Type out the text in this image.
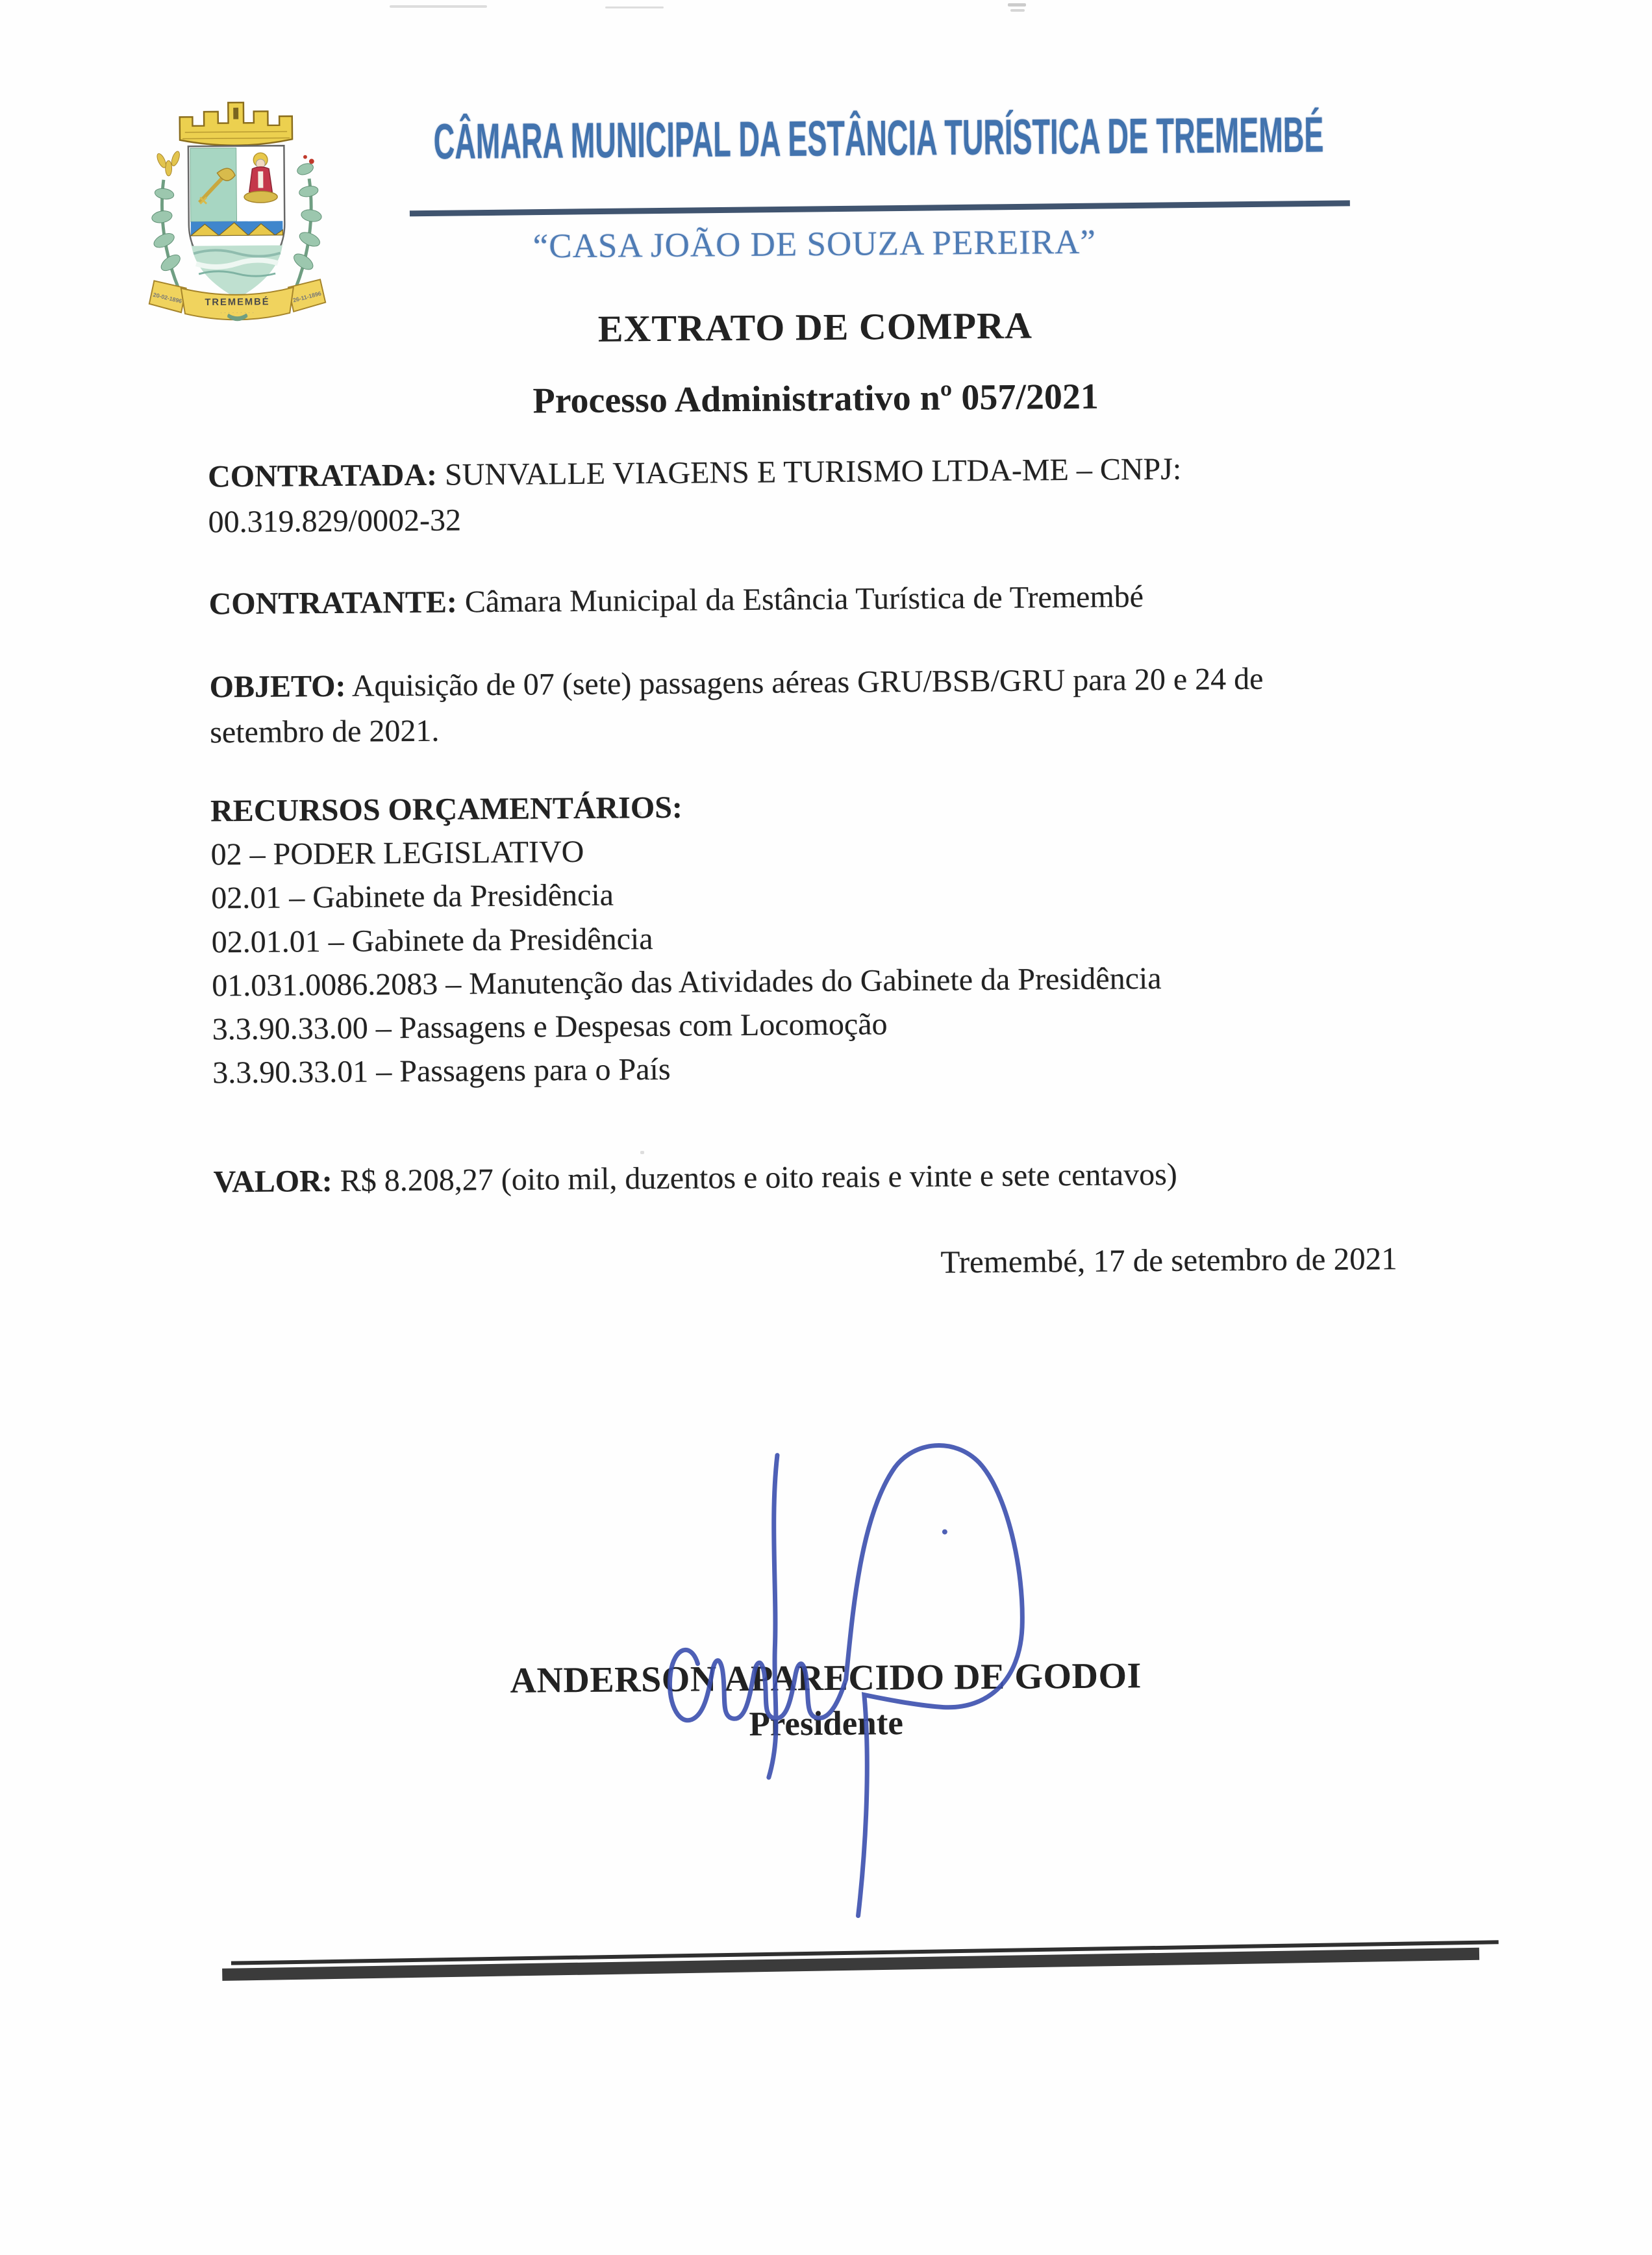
TREMEMBÉ
· · · · · · · · ·
20-02-1896	26-11-1896
CÂMARA MUNICIPAL DA ESTÂNCIA TURÍSTICA DE TREMEMBÉ
“CASA JOÃO DE SOUZA PEREIRA”
EXTRATO DE COMPRA
Processo Administrativo nº 057/2021

CONTRATADA: SUNVALLE VIAGENS E TURISMO LTDA-ME – CNPJ: 00.319.829/0002-32

CONTRATANTE: Câmara Municipal da Estância Turística de Tremembé

OBJETO: Aquisição de 07 (sete) passagens aéreas GRU/BSB/GRU para 20 e 24 de setembro de 2021.

RECURSOS ORÇAMENTÁRIOS:
02 – PODER LEGISLATIVO
02.01 – Gabinete da Presidência
02.01.01 – Gabinete da Presidência
01.031.0086.2083 – Manutenção das Atividades do Gabinete da Presidência
3.3.90.33.00 – Passagens e Despesas com Locomoção
3.3.90.33.01 – Passagens para o País

VALOR: R$ 8.208,27 (oito mil, duzentos e oito reais e vinte e sete centavos)

Tremembé, 17 de setembro de 2021
ANDERSON APARECIDO DE GODOI
Presidente
